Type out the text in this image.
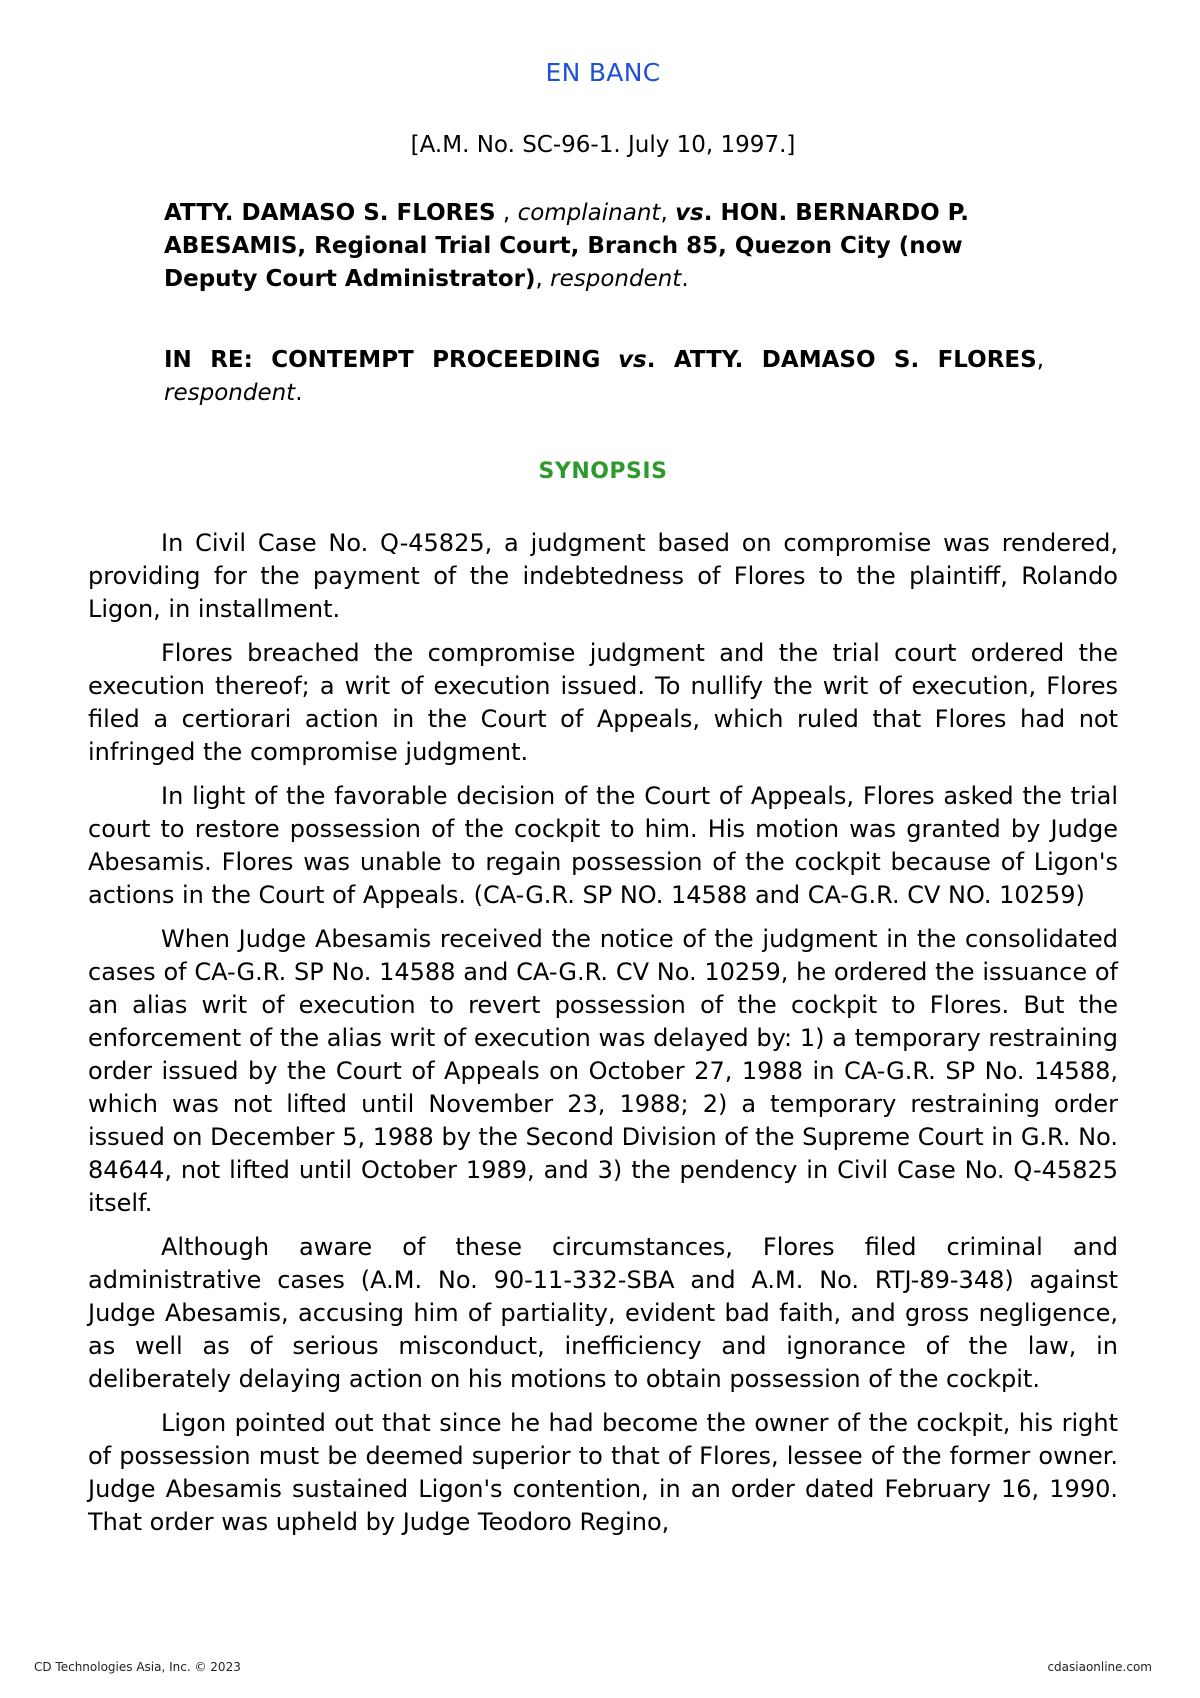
EN BANC
[A.M. No. SC-96-1. July 10, 1997.]
ATTY. DAMASO S. FLORES , complainant, vs. HON. BERNARDO P. ABESAMIS, Regional Trial Court, Branch 85, Quezon City (now Deputy Court Administrator), respondent.
IN RE: CONTEMPT PROCEEDING vs. ATTY. DAMASO S. FLORES, respondent.
SYNOPSIS

In Civil Case No. Q-45825, a judgment based on compromise was rendered, providing for the payment of the indebtedness of Flores to the plaintiff, Rolando Ligon, in installment.

Flores breached the compromise judgment and the trial court ordered the execution thereof; a writ of execution issued. To nullify the writ of execution, Flores filed a certiorari action in the Court of Appeals, which ruled that Flores had not infringed the compromise judgment.

In light of the favorable decision of the Court of Appeals, Flores asked the trial court to restore possession of the cockpit to him. His motion was granted by Judge Abesamis. Flores was unable to regain possession of the cockpit because of Ligon's actions in the Court of Appeals. (CA-G.R. SP NO. 14588 and CA-G.R. CV NO. 10259)

When Judge Abesamis received the notice of the judgment in the consolidated cases of CA-G.R. SP No. 14588 and CA-G.R. CV No. 10259, he ordered the issuance of an alias writ of execution to revert possession of the cockpit to Flores. But the enforcement of the alias writ of execution was delayed by: 1) a temporary restraining order issued by the Court of Appeals on October 27, 1988 in CA-G.R. SP No. 14588, which was not lifted until November 23, 1988; 2) a temporary restraining order issued on December 5, 1988 by the Second Division of the Supreme Court in G.R. No. 84644, not lifted until October 1989, and 3) the pendency in Civil Case No. Q-45825 itself.

Although aware of these circumstances, Flores filed criminal and administrative cases (A.M. No. 90-11-332-SBA and A.M. No. RTJ-89-348) against Judge Abesamis, accusing him of partiality, evident bad faith, and gross negligence, as well as of serious misconduct, inefficiency and ignorance of the law, in deliberately delaying action on his motions to obtain possession of the cockpit.

Ligon pointed out that since he had become the owner of the cockpit, his right of possession must be deemed superior to that of Flores, lessee of the former owner. Judge Abesamis sustained Ligon's contention, in an order dated February 16, 1990. That order was upheld by Judge Teodoro Regino,

CD Technologies Asia, Inc. © 2023	cdasiaonline.com
